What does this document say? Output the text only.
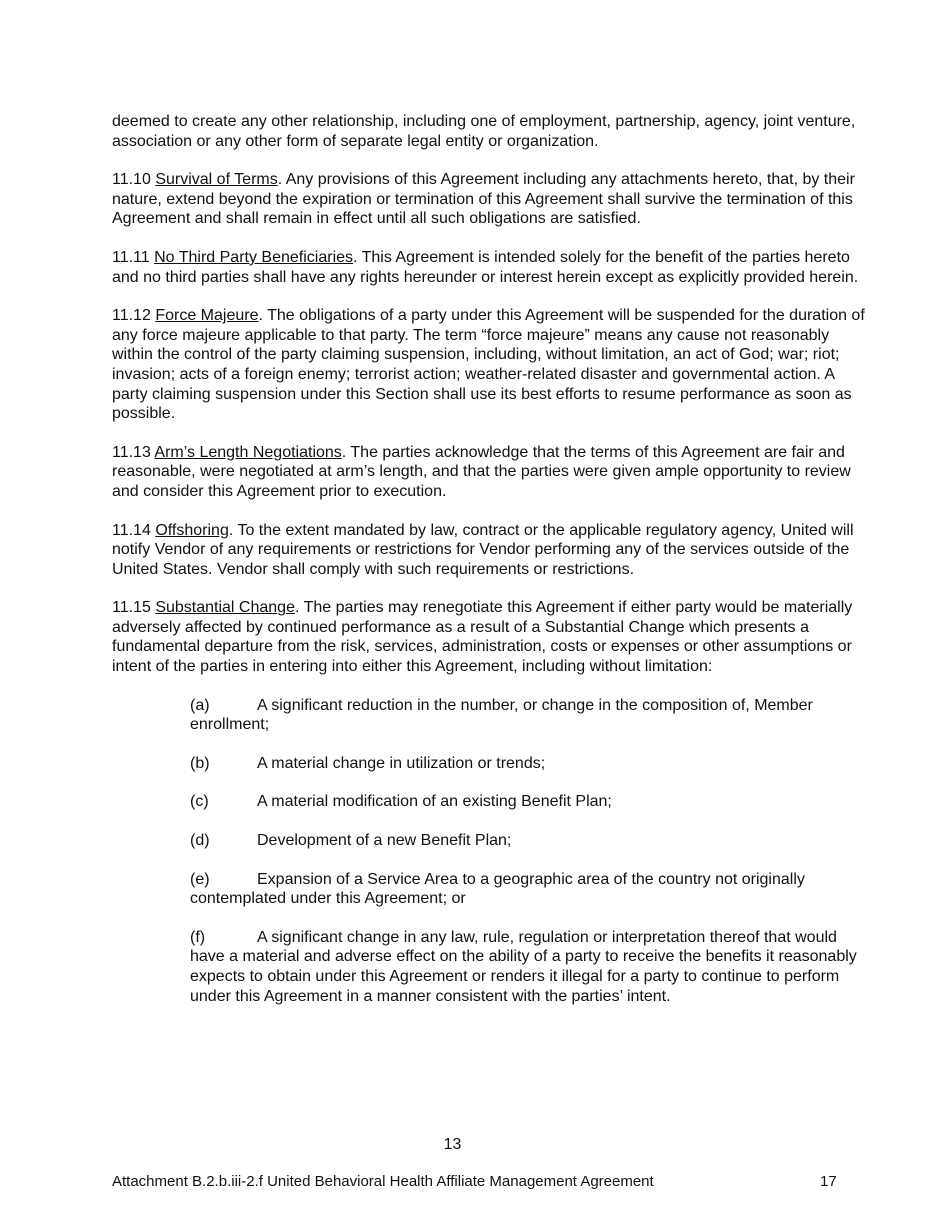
deemed to create any other relationship, including one of employment, partnership, agency, joint venture, association or any other form of separate legal entity or organization.

11.10 Survival of Terms. Any provisions of this Agreement including any attachments hereto, that, by their nature, extend beyond the expiration or termination of this Agreement shall survive the termination of this Agreement and shall remain in effect until all such obligations are satisfied.

11.11 No Third Party Beneficiaries. This Agreement is intended solely for the benefit of the parties hereto and no third parties shall have any rights hereunder or interest herein except as explicitly provided herein.

11.12 Force Majeure. The obligations of a party under this Agreement will be suspended for the duration of any force majeure applicable to that party. The term “force majeure” means any cause not reasonably within the control of the party claiming suspension, including, without limitation, an act of God; war; riot; invasion; acts of a foreign enemy; terrorist action; weather-related disaster and governmental action. A party claiming suspension under this Section shall use its best efforts to resume performance as soon as possible.

11.13 Arm’s Length Negotiations. The parties acknowledge that the terms of this Agreement are fair and reasonable, were negotiated at arm’s length, and that the parties were given ample opportunity to review and consider this Agreement prior to execution.

11.14 Offshoring. To the extent mandated by law, contract or the applicable regulatory agency, United will notify Vendor of any requirements or restrictions for Vendor performing any of the services outside of the United States. Vendor shall comply with such requirements or restrictions.

11.15 Substantial Change. The parties may renegotiate this Agreement if either party would be materially adversely affected by continued performance as a result of a Substantial Change which presents a fundamental departure from the risk, services, administration, costs or expenses or other assumptions or intent of the parties in entering into either this Agreement, including without limitation:

(a)	A significant reduction in the number, or change in the composition of, Member enrollment;

(b)	A material change in utilization or trends;

(c)	A material modification of an existing Benefit Plan;

(d)	Development of a new Benefit Plan;

(e)	Expansion of a Service Area to a geographic area of the country not originally contemplated under this Agreement; or

(f)	A significant change in any law, rule, regulation or interpretation thereof that would have a material and adverse effect on the ability of a party to receive the benefits it reasonably expects to obtain under this Agreement or renders it illegal for a party to continue to perform under this Agreement in a manner consistent with the parties’ intent.

13
Attachment B.2.b.iii-2.f United Behavioral Health Affiliate Management Agreement	17
